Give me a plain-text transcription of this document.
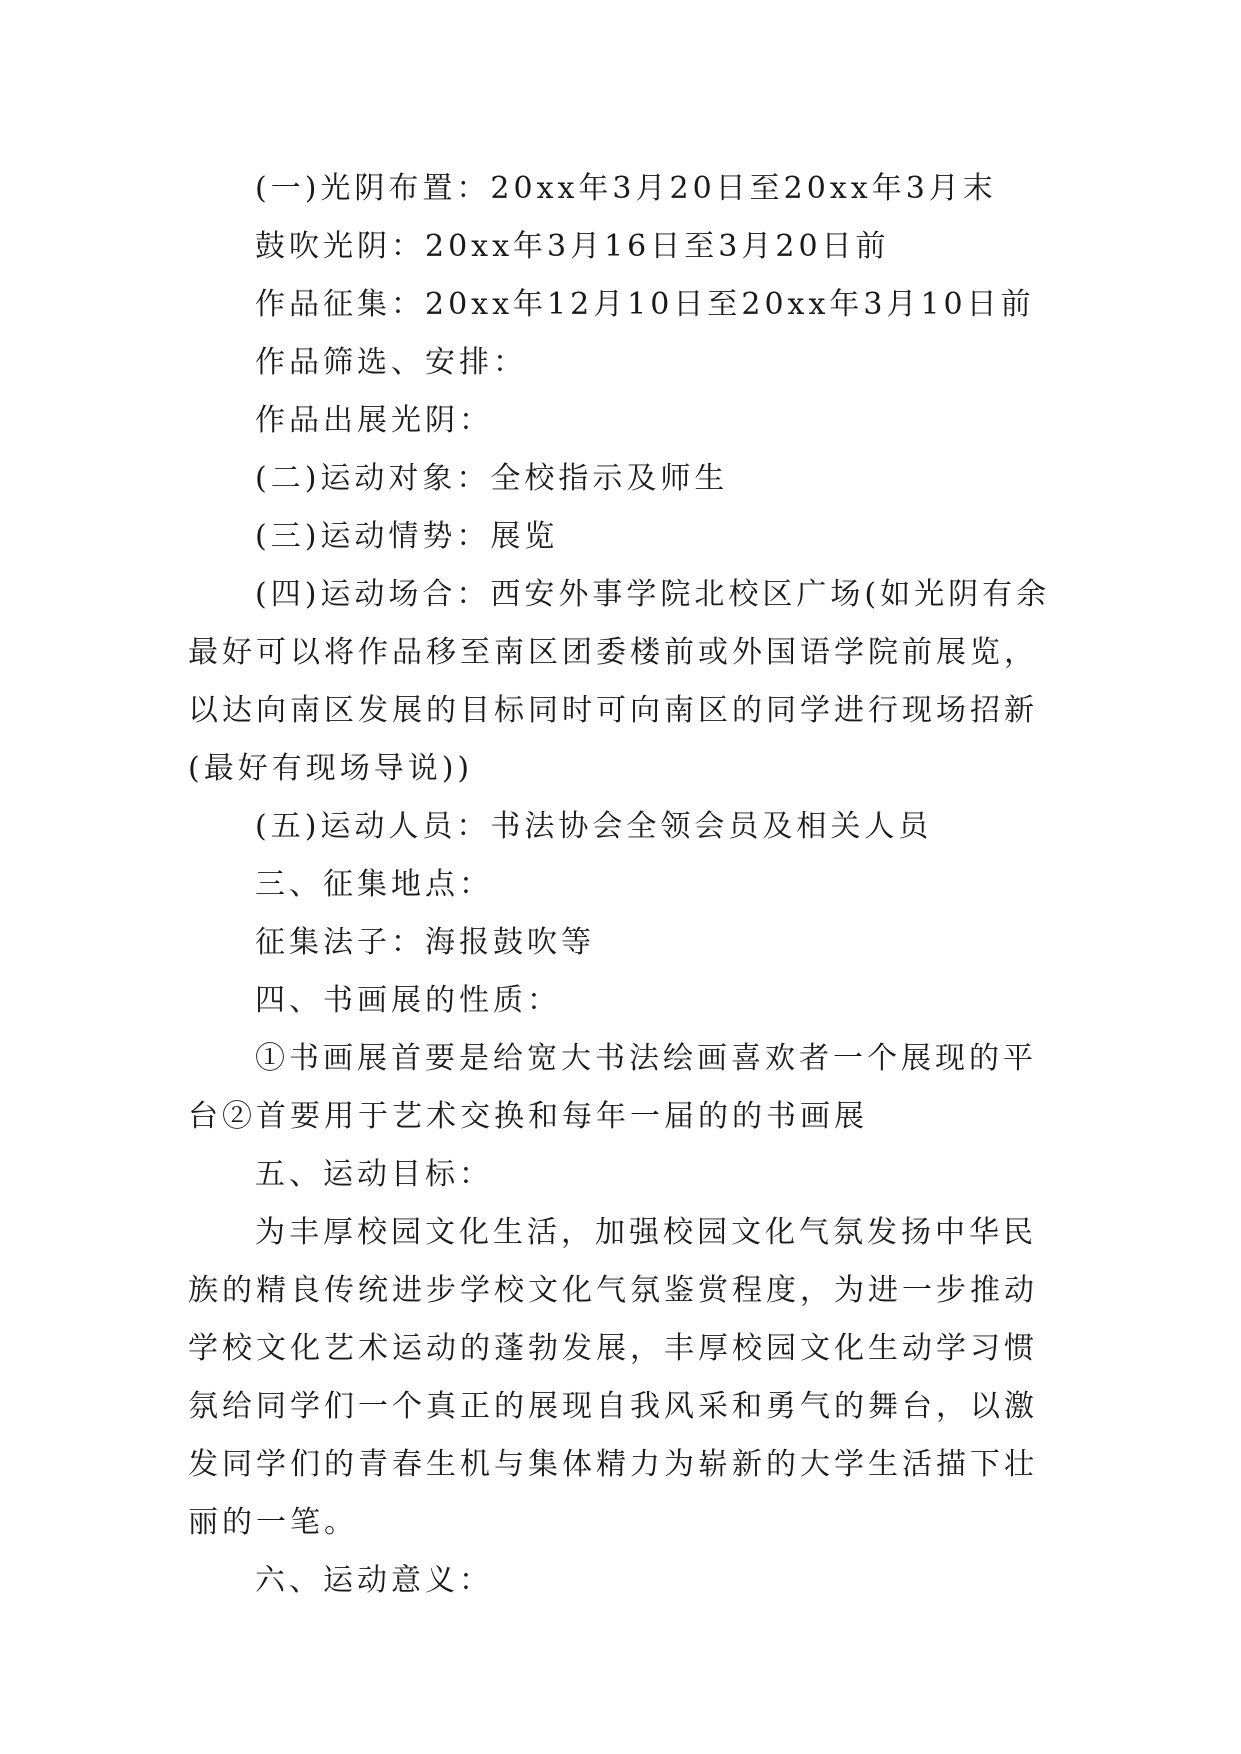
(一)光阴布置：20xx年3月20日至20xx年3月末

鼓吹光阴：20xx年3月16日至3月20日前

作品征集：20xx年12月10日至20xx年3月10日前

作品筛选、安排：

作品出展光阴：

(二)运动对象：全校指示及师生

(三)运动情势：展览

(四)运动场合：西安外事学院北校区广场(如光阴有余最好可以将作品移至南区团委楼前或外国语学院前展览，以达向南区发展的目标同时可向南区的同学进行现场招新(最好有现场导说))

(五)运动人员：书法协会全领会员及相关人员

三、征集地点：

征集法子：海报鼓吹等

四、书画展的性质：

①书画展首要是给宽大书法绘画喜欢者一个展现的平台②首要用于艺术交换和每年一届的的书画展

五、运动目标：

为丰厚校园文化生活，加强校园文化气氛发扬中华民族的精良传统进步学校文化气氛鉴赏程度，为进一步推动学校文化艺术运动的蓬勃发展，丰厚校园文化生动学习惯氛给同学们一个真正的展现自我风采和勇气的舞台，以激发同学们的青春生机与集体精力为崭新的大学生活描下壮丽的一笔。

六、运动意义：
